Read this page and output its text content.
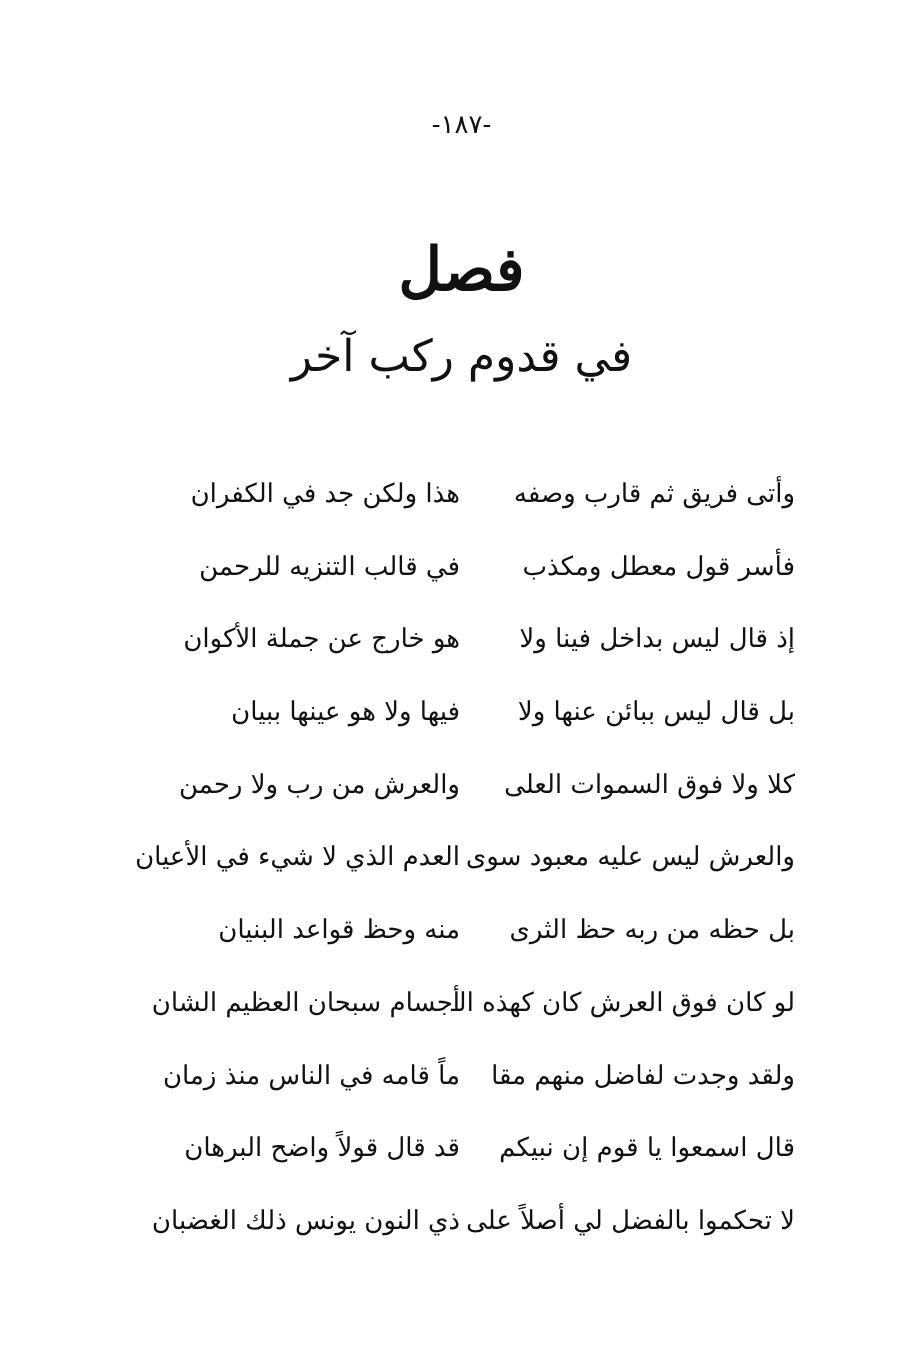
-١٨٧-
فصل
في قدوم ركب آخر
وأتى فريق ثم قارب وصفه
هذا ولكن جد في الكفران
فأسر قول معطل ومكذب
في قالب التنزيه للرحمن
إذ قال ليس بداخل فينا ولا
هو خارج عن جملة الأكوان
بل قال ليس ببائن عنها ولا
فيها ولا هو عينها ببيان
كلا ولا فوق السموات العلى
والعرش من رب ولا رحمن
والعرش ليس عليه معبود سوى
العدم الذي لا شيء في الأعيان
بل حظه من ربه حظ الثرى
منه وحظ قواعد البنيان
لو كان فوق العرش كان كهذه الـ
أجسام سبحان العظيم الشان
ولقد وجدت لفاضل منهم مقا
ماً قامه في الناس منذ زمان
قال اسمعوا يا قوم إن نبيكم
قد قال قولاً واضح البرهان
لا تحكموا بالفضل لي أصلاً على
ذي النون يونس ذلك الغضبان
